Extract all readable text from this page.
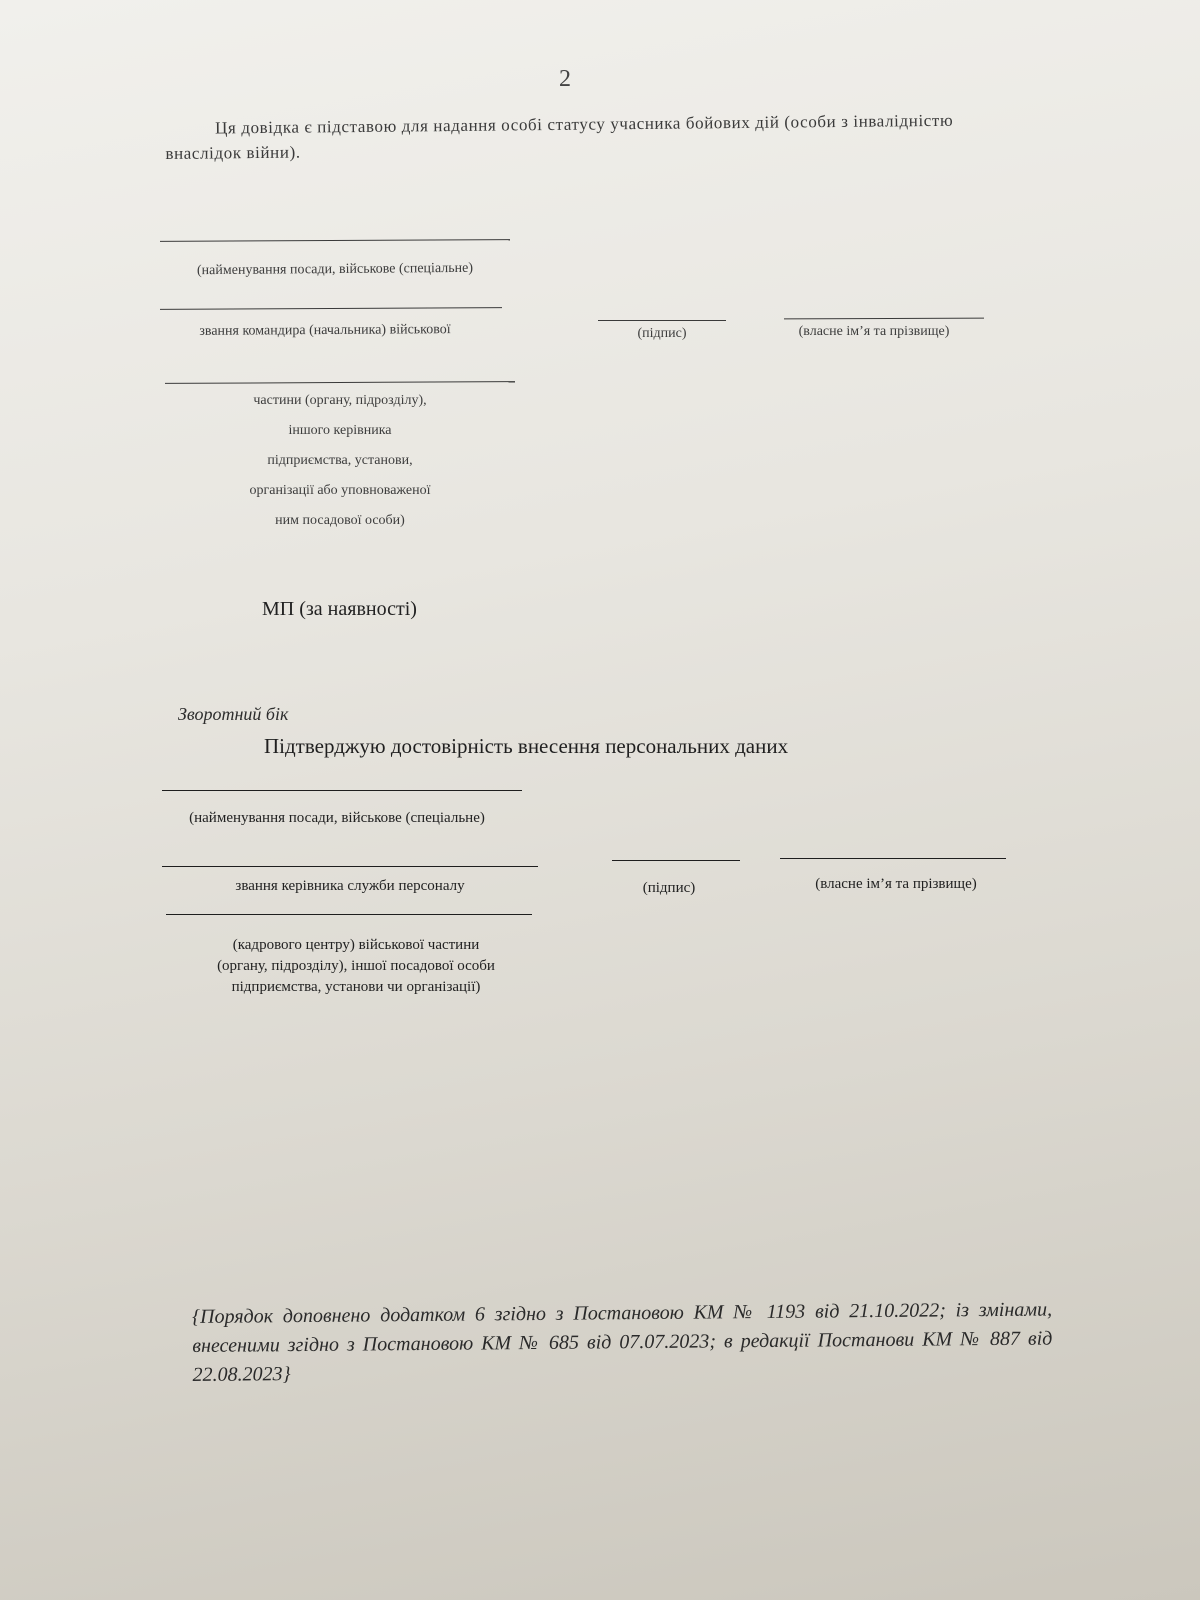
2
Ця довідка є підставою для надання особі статусу учасника бойових дій (особи з інвалідністю внаслідок війни).
(найменування посади, військове (спеціальне)
звання командира (начальника) військової	(підпис)	(власне ім’я та прізвище)
частини (органу, підрозділу),
іншого керівника
підприємства, установи,
організації або уповноваженої
ним посадової особи)
МП (за наявності)
Зворотний бік
Підтверджую достовірність внесення персональних даних
(найменування посади, військове (спеціальне)
звання керівника служби персоналу	(підпис)	(власне ім’я та прізвище)
(кадрового центру) військової частини
(органу, підрозділу), іншої посадової особи
підприємства, установи чи організації)
{Порядок доповнено додатком 6 згідно з Постановою КМ № 1193 від 21.10.2022; із змінами, внесеними згідно з Постановою КМ № 685 від 07.07.2023; в редакції Постанови КМ № 887 від 22.08.2023}
